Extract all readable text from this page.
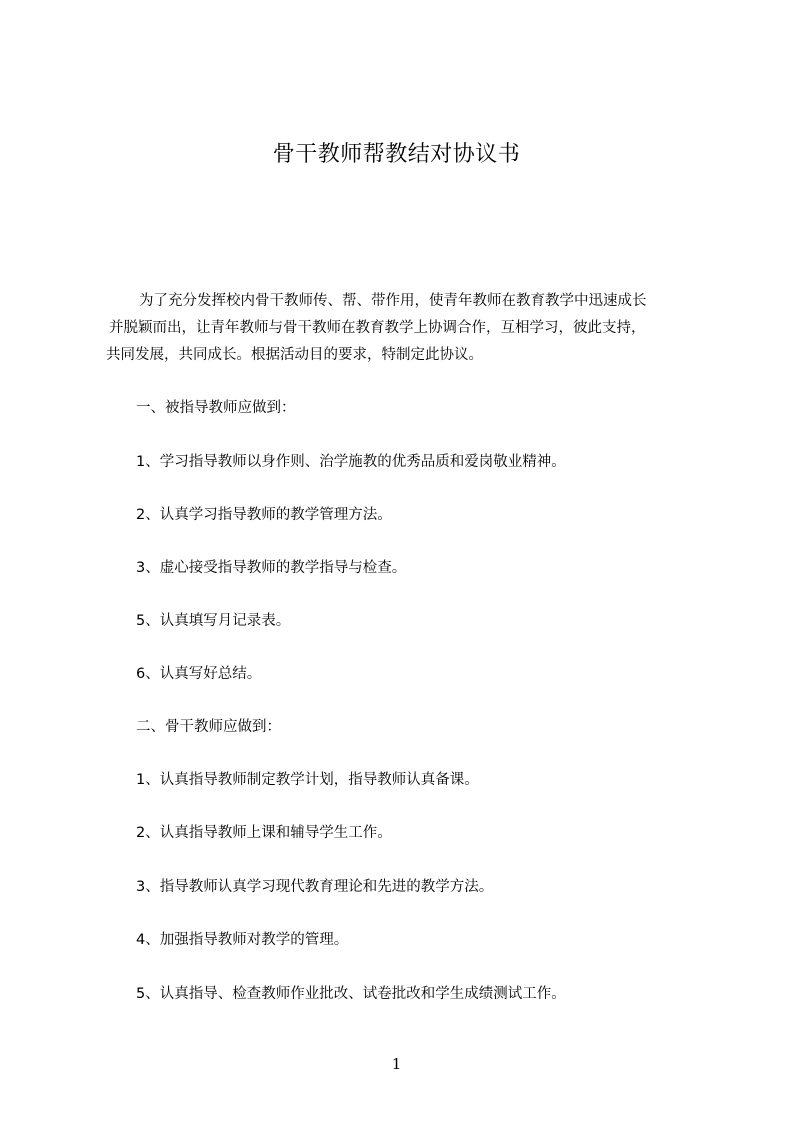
骨干教师帮教结对协议书
为了充分发挥校内骨干教师传、帮、带作用，使青年教师在教育教学中迅速成长
并脱颖而出，让青年教师与骨干教师在教育教学上协调合作，互相学习，彼此支持，
共同发展，共同成长。根据活动目的要求，特制定此协议。
一、被指导教师应做到：
1、学习指导教师以身作则、治学施教的优秀品质和爱岗敬业精神。
2、认真学习指导教师的教学管理方法。
3、虚心接受指导教师的教学指导与检查。
5、认真填写月记录表。
6、认真写好总结。
二、骨干教师应做到：
1、认真指导教师制定教学计划，指导教师认真备课。
2、认真指导教师上课和辅导学生工作。
3、指导教师认真学习现代教育理论和先进的教学方法。
4、加强指导教师对教学的管理。
5、认真指导、检查教师作业批改、试卷批改和学生成绩测试工作。
1
